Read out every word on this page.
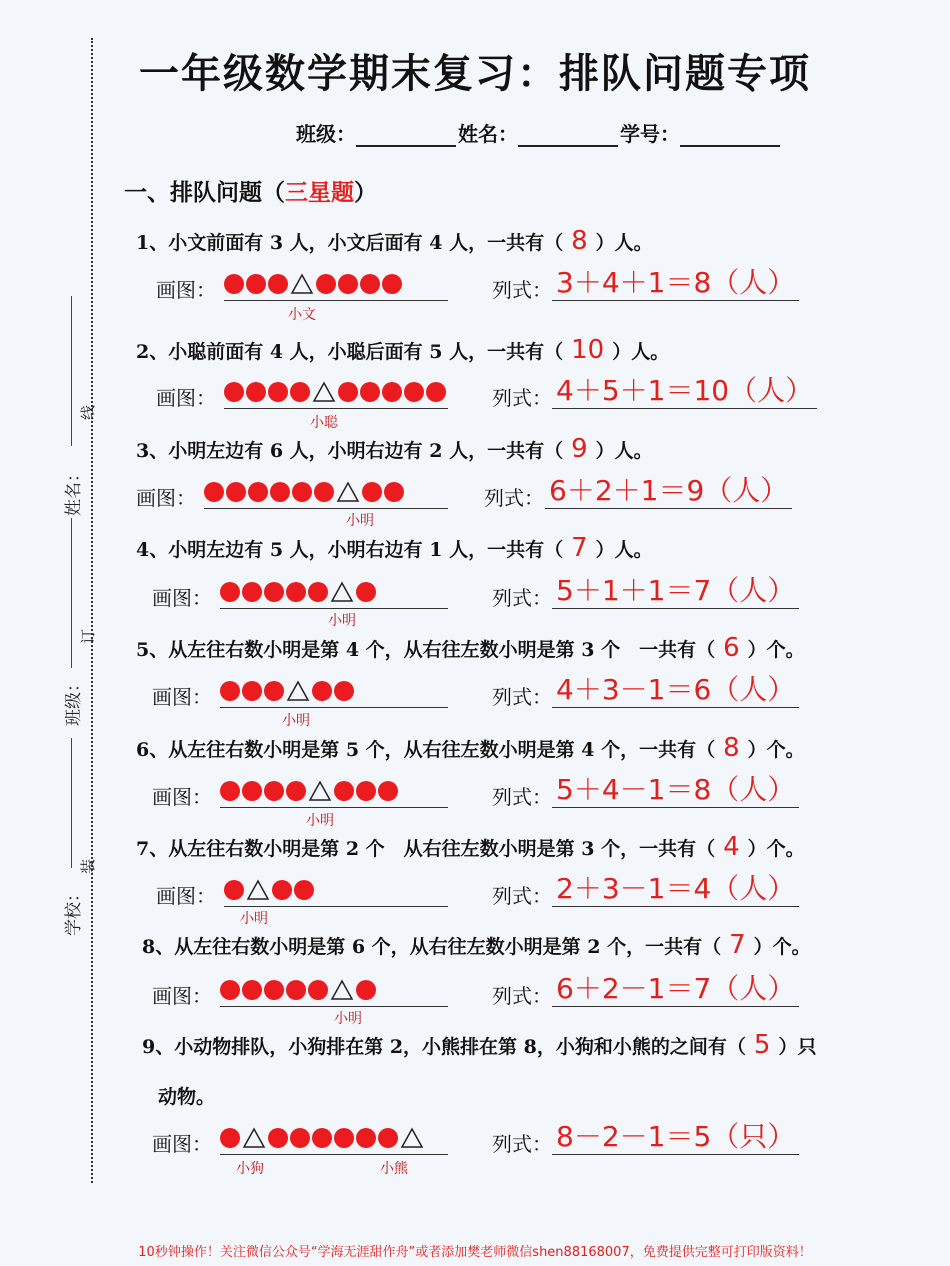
姓名：
班级：
学校：
线
订
装
一年级数学期末复习：排队问题专项
班级：	姓名：	学号：
一、排队问题（三星题）
1、小文前面有 3 人，小文后面有 4 人，一共有（ 8 ）人。
画图：
小文
列式： 3＋4＋1＝8（人）
2、小聪前面有 4 人，小聪后面有 5 人，一共有（ 10 ）人。
画图：
小聪
列式： 4＋5＋1＝10（人）
3、小明左边有 6 人，小明右边有 2 人，一共有（ 9 ）人。
画图：
小明
列式： 6＋2＋1＝9（人）
4、小明左边有 5 人，小明右边有 1 人，一共有（ 7 ）人。
画图：
小明
列式： 5＋1＋1＝7（人）
5、从左往右数小明是第 4 个，从右往左数小明是第 3 个　一共有（ 6 ）个。
画图：
小明
列式： 4＋3－1＝6（人）
6、从左往右数小明是第 5 个，从右往左数小明是第 4 个，一共有（ 8 ）个。
画图：
小明
列式： 5＋4－1＝8（人）
7、从左往右数小明是第 2 个　从右往左数小明是第 3 个，一共有（ 4 ）个。
画图：
小明
列式： 2＋3－1＝4（人）
8、从左往右数小明是第 6 个，从右往左数小明是第 2 个，一共有（ 7 ）个。
画图：
小明
列式： 6＋2－1＝7（人）
9、小动物排队，小狗排在第 2，小熊排在第 8，小狗和小熊的之间有（ 5 ）只
动物。
画图：
小狗	小熊
列式： 8－2－1＝5（只）
10秒钟操作！关注微信公众号“学海无涯甜作舟”或者添加樊老师微信shen88168007，免费提供完整可打印版资料！
